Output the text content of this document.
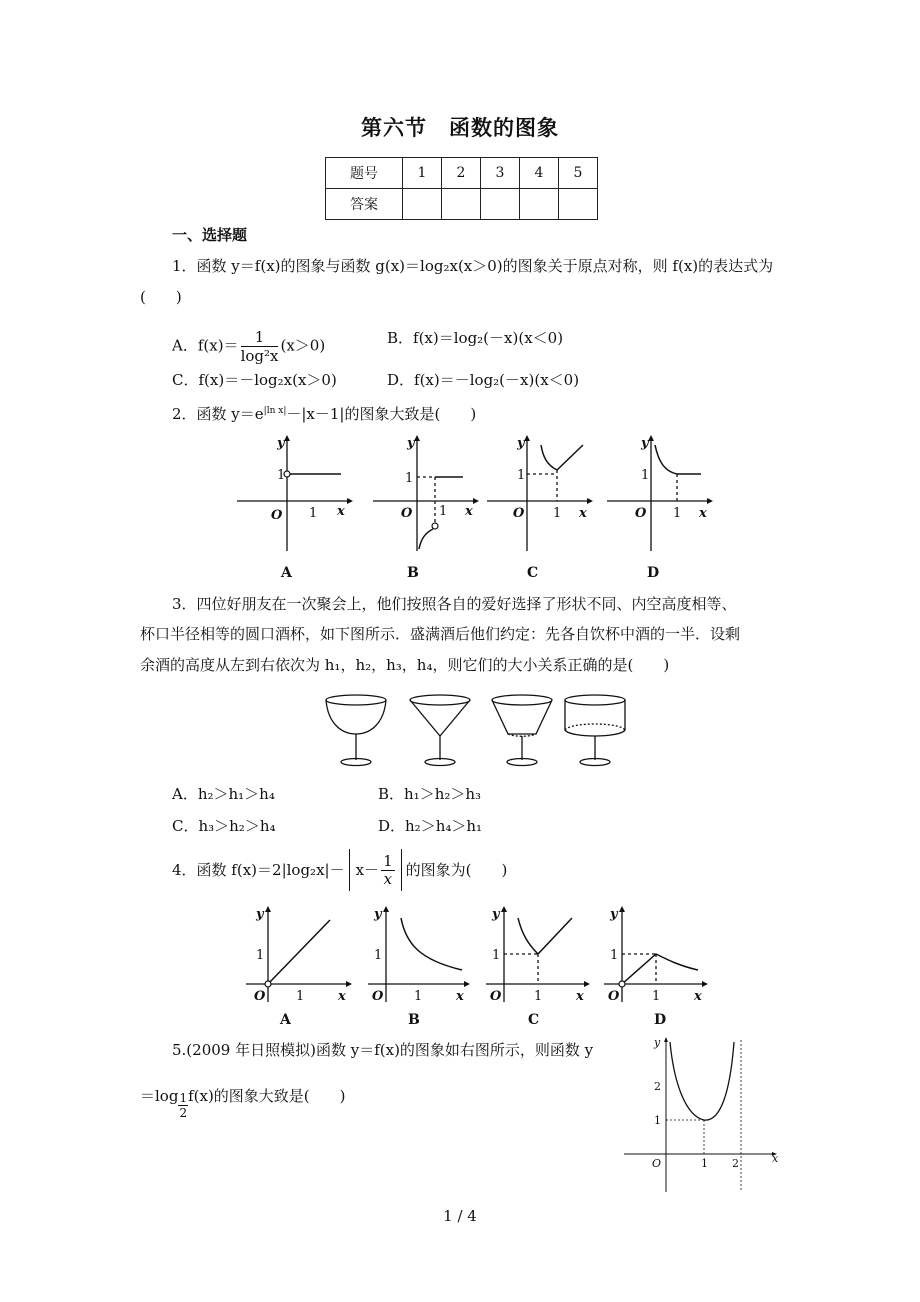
第六节　函数的图象
题号	1	2	3	4	5
答案					
一、选择题
1．函数 y＝f(x)的图象与函数 g(x)＝log₂x(x＞0)的图象关于原点对称，则 f(x)的表达式为
(　　)
A．$f(x)= \frac{1}{\text{log²x}} (x>0)$	B．f(x)＝log₂(－x)(x＜0)
C．f(x)＝－log₂x(x＞0)	D．f(x)＝－log₂(－x)(x＜0)
2．函数 $y=e^{|ln x|}-|x-1|$的图象大致是(　　)
y
x
O
y
x
O
y
x
O
y
x
O
1
1
1
1
1
1
1
1
A	B	C	D
3．四位好朋友在一次聚会上，他们按照各自的爱好选择了形状不同、内空高度相等、
杯口半径相等的圆口酒杯，如下图所示．盛满酒后他们约定：先各自饮杯中酒的一半．设剩
余酒的高度从左到右依次为 h₁，h₂，h₃，h₄，则它们的大小关系正确的是(　　)
A．h₂＞h₁＞h₄	B．h₁＞h₂＞h₃
C．h₃＞h₂＞h₄	D．h₂＞h₄＞h₁
4．函数 $f(x)=2|\log_2x|- x- \frac{1}{x}$ 的图象为(　　)
y
x
O
y
x
O
y
x
O
y
x
O
1
1
1
1
1
1
1
1
A	B	C	D
5.(2009 年日照模拟)函数 y＝f(x)的图象如右图所示，则函数 y
$=\log \frac{1}{2} f(x)$的图象大致是(　　)
y
x
O
2
1
1 2
1 / 4
